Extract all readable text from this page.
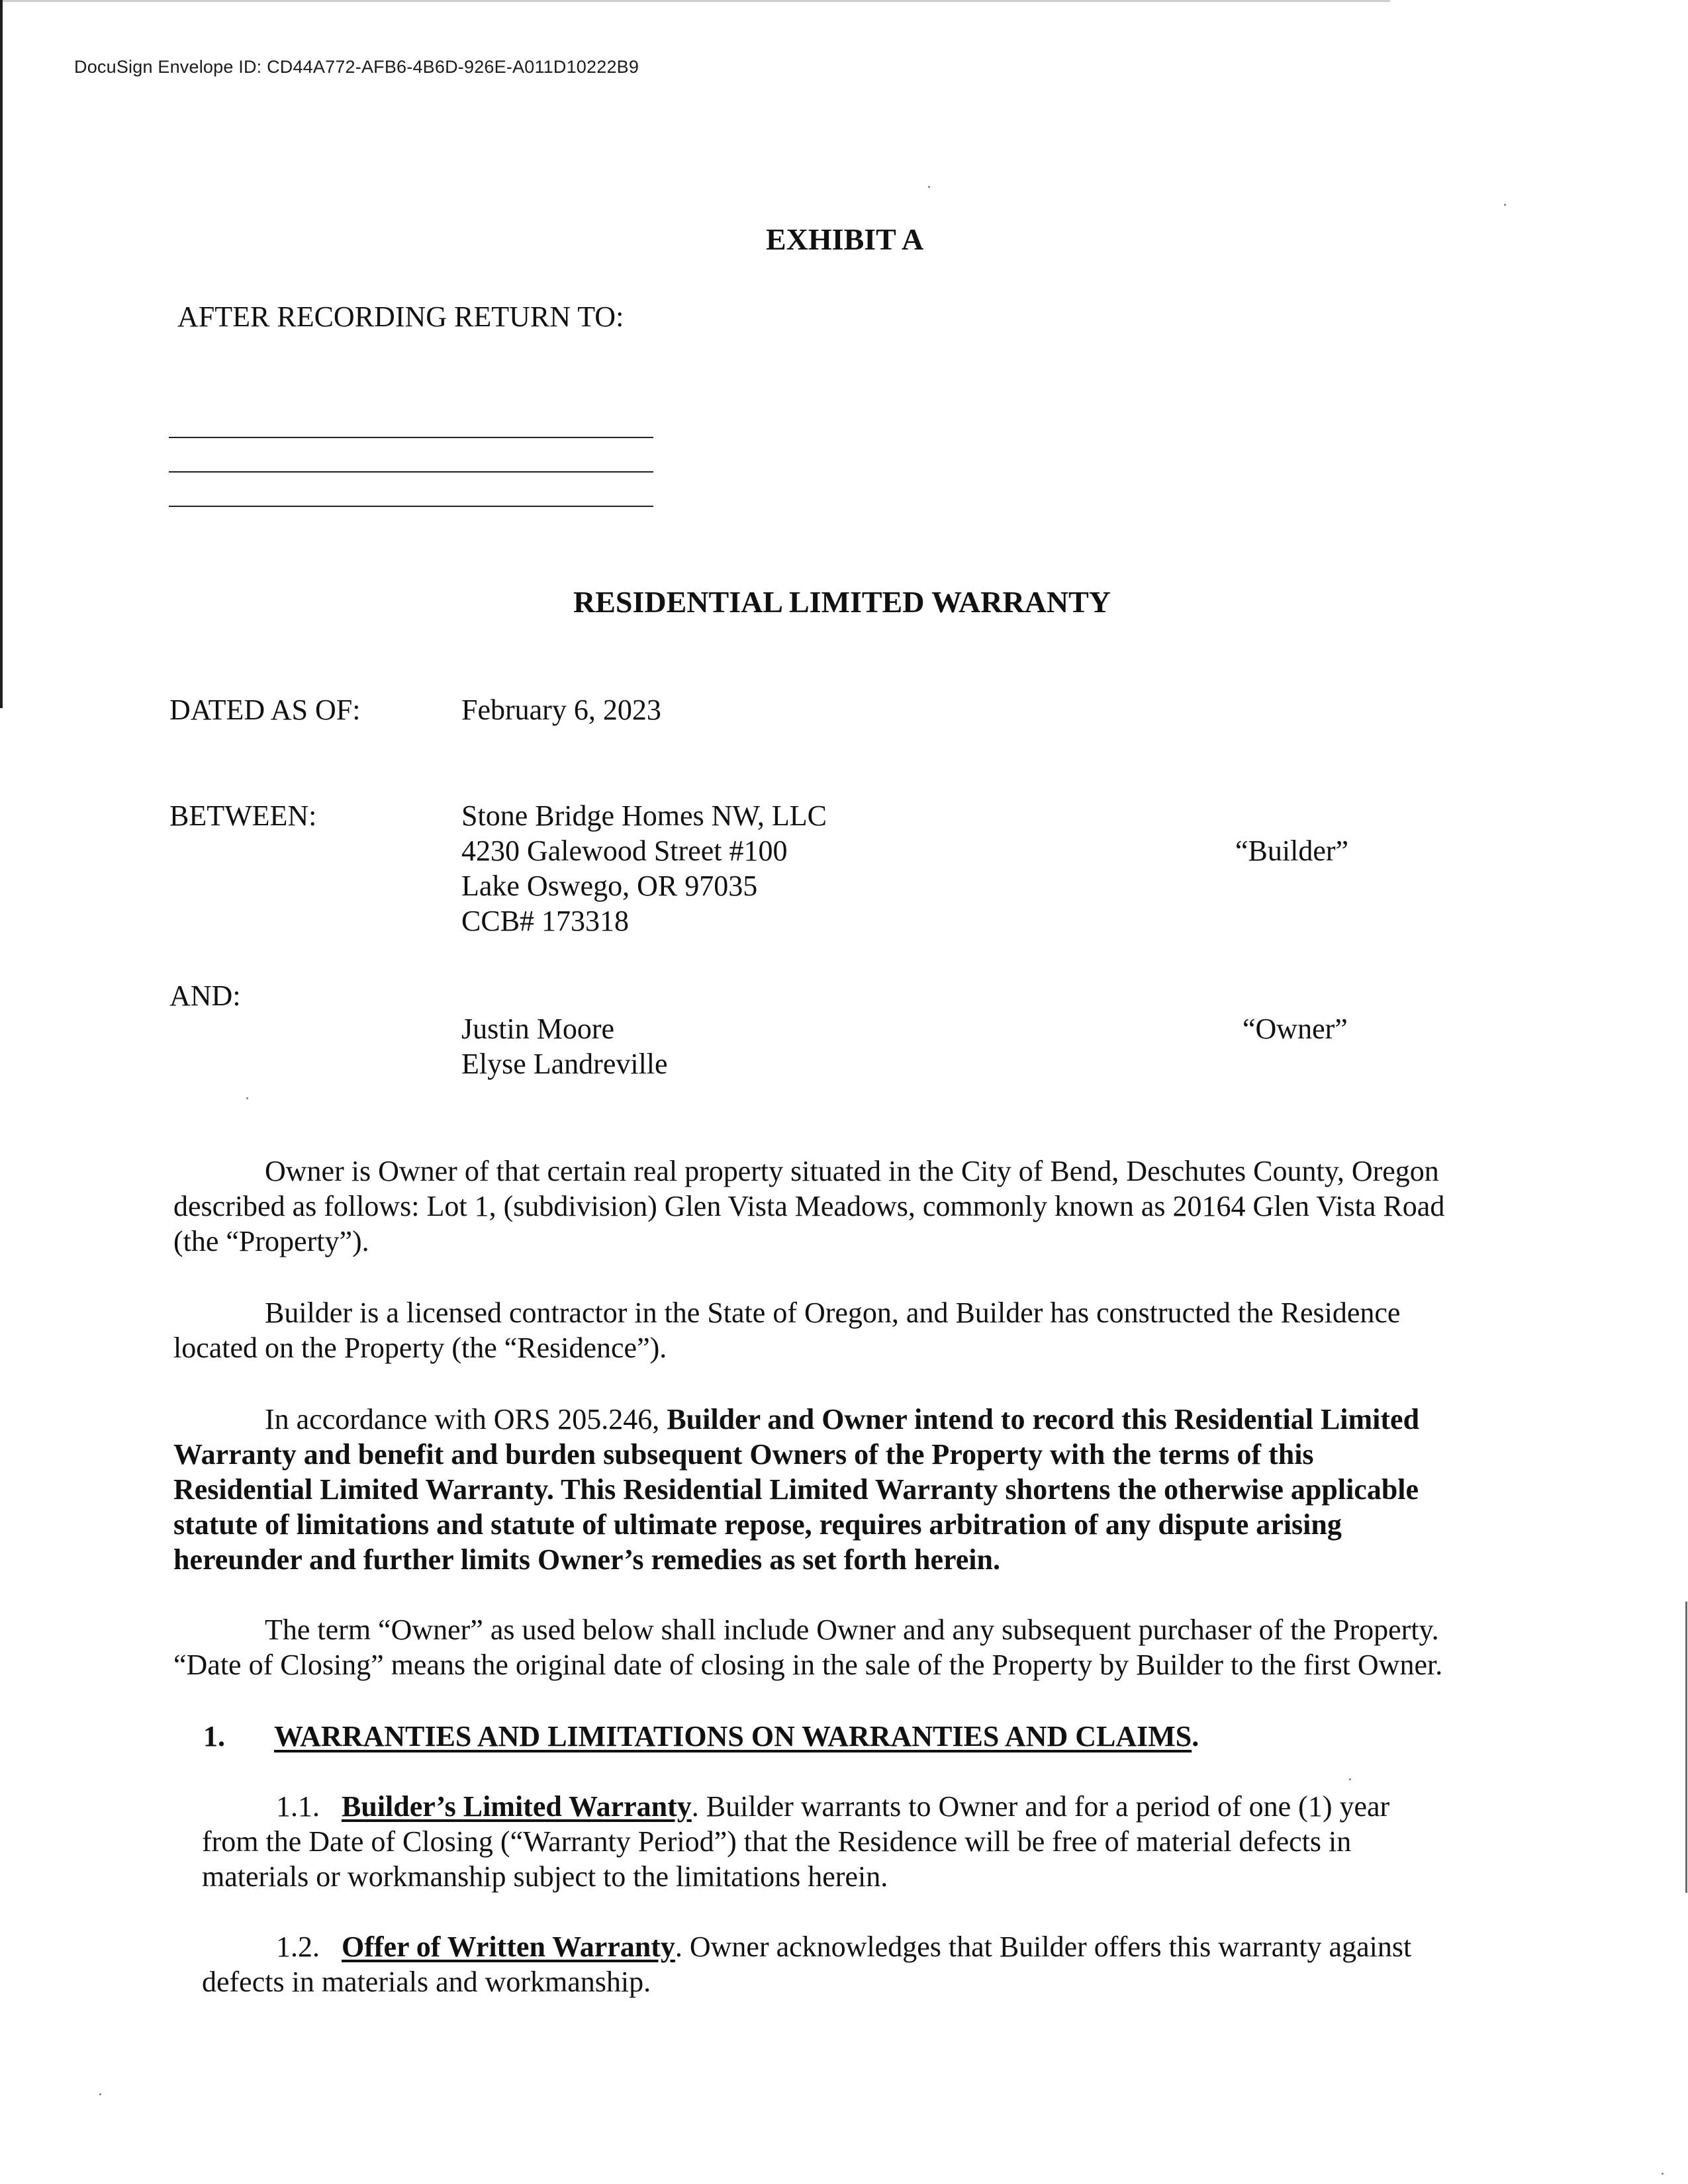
DocuSign Envelope ID: CD44A772-AFB6-4B6D-926E-A011D10222B9
EXHIBIT A
AFTER RECORDING RETURN TO:
RESIDENTIAL LIMITED WARRANTY
DATED AS OF:	February 6, 2023
BETWEEN:	Stone Bridge Homes NW, LLC
4230 Galewood Street #100
Lake Oswego, OR 97035
CCB# 173318
“Builder”
AND:
Justin Moore
Elyse Landreville
“Owner”
Owner is Owner of that certain real property situated in the City of Bend, Deschutes County, Oregon
described as follows: Lot 1, (subdivision) Glen Vista Meadows, commonly known as 20164 Glen Vista Road
(the “Property”).
Builder is a licensed contractor in the State of Oregon, and Builder has constructed the Residence
located on the Property (the “Residence”).
In accordance with ORS 205.246, Builder and Owner intend to record this Residential Limited
Warranty and benefit and burden subsequent Owners of the Property with the terms of this
Residential Limited Warranty. This Residential Limited Warranty shortens the otherwise applicable
statute of limitations and statute of ultimate repose, requires arbitration of any dispute arising
hereunder and further limits Owner’s remedies as set forth herein.
The term “Owner” as used below shall include Owner and any subsequent purchaser of the Property.
“Date of Closing” means the original date of closing in the sale of the Property by Builder to the first Owner.
1. WARRANTIES AND LIMITATIONS ON WARRANTIES AND CLAIMS.
1.1. Builder’s Limited Warranty. Builder warrants to Owner and for a period of one (1) year
from the Date of Closing (“Warranty Period”) that the Residence will be free of material defects in
materials or workmanship subject to the limitations herein.
1.2. Offer of Written Warranty. Owner acknowledges that Builder offers this warranty against
defects in materials and workmanship.
